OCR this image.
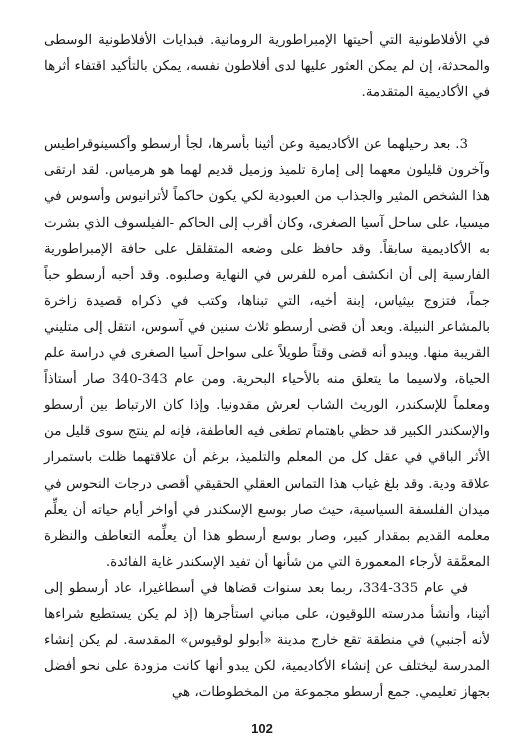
في الأفلاطونية التي أحيتها الإمبراطورية الرومانية. فبدايات الأفلاطونية الوسطى والمحدثة، إن لم يمكن العثور عليها لدى أفلاطون نفسه، يمكن بالتأكيد اقتفاء أثرها في الأكاديمية المتقدمة.

3. بعد رحيلهما عن الأكاديمية وعن أثينا بأسرها، لجأ أرسطو وأكسينوقراطيس وآخرون قليلون معهما إلى إمارة تلميذ وزميل قديم لهما هو هرمياس. لقد ارتقى هذا الشخص المثير والجذاب من العبودية لكي يكون حاكماً لأترانيوس وأسوس في ميسيا، على ساحل آسيا الصغرى، وكان أقرب إلى الحاكم -الفيلسوف الذي بشرت به الأكاديمية سابقاً. وقد حافظ على وضعه المتقلقل على حافة الإمبراطورية الفارسية إلى أن انكشف أمره للفرس في النهاية وصلبوه. وقد أحبه أرسطو حباً جماً، فتزوج بيثياس، إبنة أخيه، التي تبناها، وكتب في ذكراه قصيدة زاخرة بالمشاعر النبيلة. وبعد أن قضى أرسطو ثلاث سنين في آسوس، انتقل إلى متليني القريبة منها. ويبدو أنه قضى وقتاً طويلاً على سواحل آسيا الصغرى في دراسة علم الحياة، ولاسيما ما يتعلق منه بالأحياء البحرية. ومن عام 343-340 صار أستاذاً ومعلماً للإسكندر، الوريث الشاب لعرش مقدونيا. وإذا كان الارتباط بين أرسطو والإسكندر الكبير قد حظي باهتمام تطغى فيه العاطفة، فإنه لم ينتج سوى قليل من الأثر الباقي في عقل كل من المعلم والتلميذ، برغم أن علاقتهما ظلت باستمرار علاقة ودية. وقد بلغ غياب هذا التماس العقلي الحقيقي أقصى درجات النحوس في ميدان الفلسفة السياسية، حيث صار بوسع الإسكندر في أواخر أيام حياته أن يعلِّم معلمه القديم بمقدار كبير، وصار بوسع أرسطو هذا أن يعلِّمه التعاطف والنظرة المعمَّقة لأرجاء المعمورة التي من شأنها أن تفيد الإسكندر غاية الفائدة.

في عام 335-334، ربما بعد سنوات قضاها في أسطاغيرا، عاد أرسطو إلى أثينا، وأنشأ مدرسته اللوقيون، على مباني استأجرها (إذ لم يكن يستطيع شراءها لأنه أجنبي) في منطقة تقع خارج مدينة «أبولو لوقيوس» المقدسة. لم يكن إنشاء المدرسة ليختلف عن إنشاء الأكاديمية، لكن يبدو أنها كانت مزودة على نحو أفضل بجهاز تعليمي. جمع أرسطو مجموعة من المخطوطات، هي

102
